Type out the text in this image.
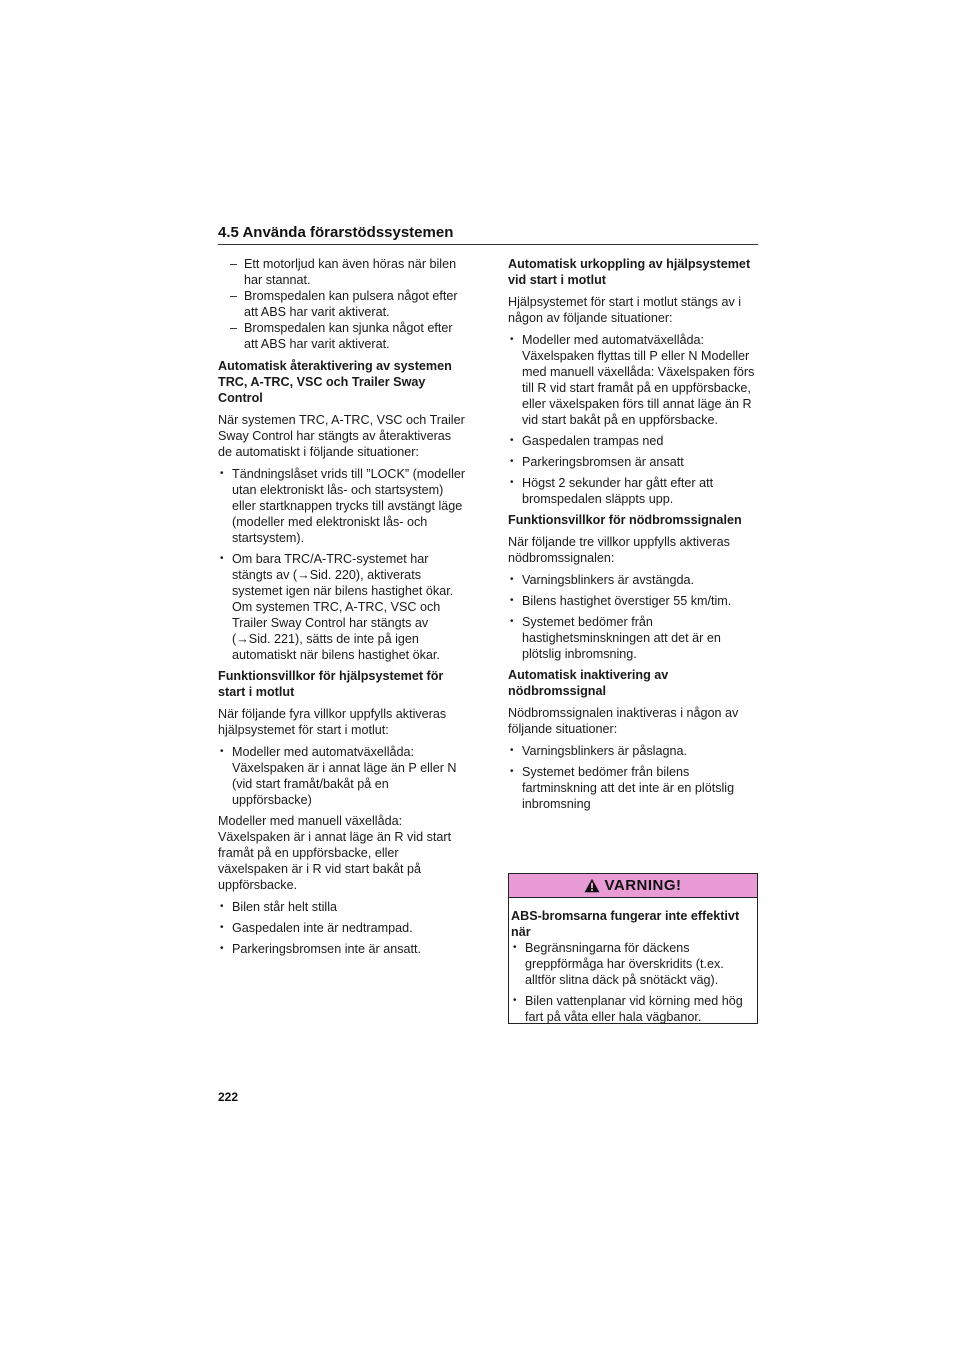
4.5 Använda förarstödssystemen
– Ett motorljud kan även höras när bilen har stannat.
– Bromspedalen kan pulsera något efter att ABS har varit aktiverat.
– Bromspedalen kan sjunka något efter att ABS har varit aktiverat.
Automatisk återaktivering av systemen TRC, A-TRC, VSC och Trailer Sway Control

När systemen TRC, A-TRC, VSC och Trailer Sway Control har stängts av återaktiveras de automatiskt i följande situationer:

• Tändningslåset vrids till ”LOCK” (modeller utan elektroniskt lås- och startsystem) eller startknappen trycks till avstängt läge (modeller med elektroniskt lås- och startsystem).
• Om bara TRC/A-TRC-systemet har stängts av (→Sid. 220), aktiverats systemet igen när bilens hastighet ökar. Om systemen TRC, A-TRC, VSC och Trailer Sway Control har stängts av (→Sid. 221), sätts de inte på igen automatiskt när bilens hastighet ökar.
Funktionsvillkor för hjälpsystemet för start i motlut

När följande fyra villkor uppfylls aktiveras hjälpsystemet för start i motlut:

• Modeller med automatväxellåda: Växelspaken är i annat läge än P eller N (vid start framåt/bakåt på en uppförsbacke)

Modeller med manuell växellåda: Växelspaken är i annat läge än R vid start framåt på en uppförsbacke, eller växelspaken är i R vid start bakåt på uppförsbacke.

• Bilen står helt stilla
• Gaspedalen inte är nedtrampad.
• Parkeringsbromsen inte är ansatt.
Automatisk urkoppling av hjälpsystemet vid start i motlut

Hjälpsystemet för start i motlut stängs av i någon av följande situationer:

• Modeller med automatväxellåda: Växelspaken flyttas till P eller N Modeller med manuell växellåda: Växelspaken förs till R vid start framåt på en uppförsbacke, eller växelspaken förs till annat läge än R vid start bakåt på en uppförsbacke.
• Gaspedalen trampas ned
• Parkeringsbromsen är ansatt
• Högst 2 sekunder har gått efter att bromspedalen släppts upp.
Funktionsvillkor för nödbromssignalen

När följande tre villkor uppfylls aktiveras nödbromssignalen:

• Varningsblinkers är avstängda.
• Bilens hastighet överstiger 55 km/tim.
• Systemet bedömer från hastighetsminskningen att det är en plötslig inbromsning.
Automatisk inaktivering av nödbromssignal

Nödbromssignalen inaktiveras i någon av följande situationer:

• Varningsblinkers är påslagna.
• Systemet bedömer från bilens fartminskning att det inte är en plötslig inbromsning
VARNING!
ABS-bromsarna fungerar inte effektivt när
• Begränsningarna för däckens greppförmåga har överskridits (t.ex. alltför slitna däck på snötäckt väg).
• Bilen vattenplanar vid körning med hög fart på våta eller hala vägbanor.
222
